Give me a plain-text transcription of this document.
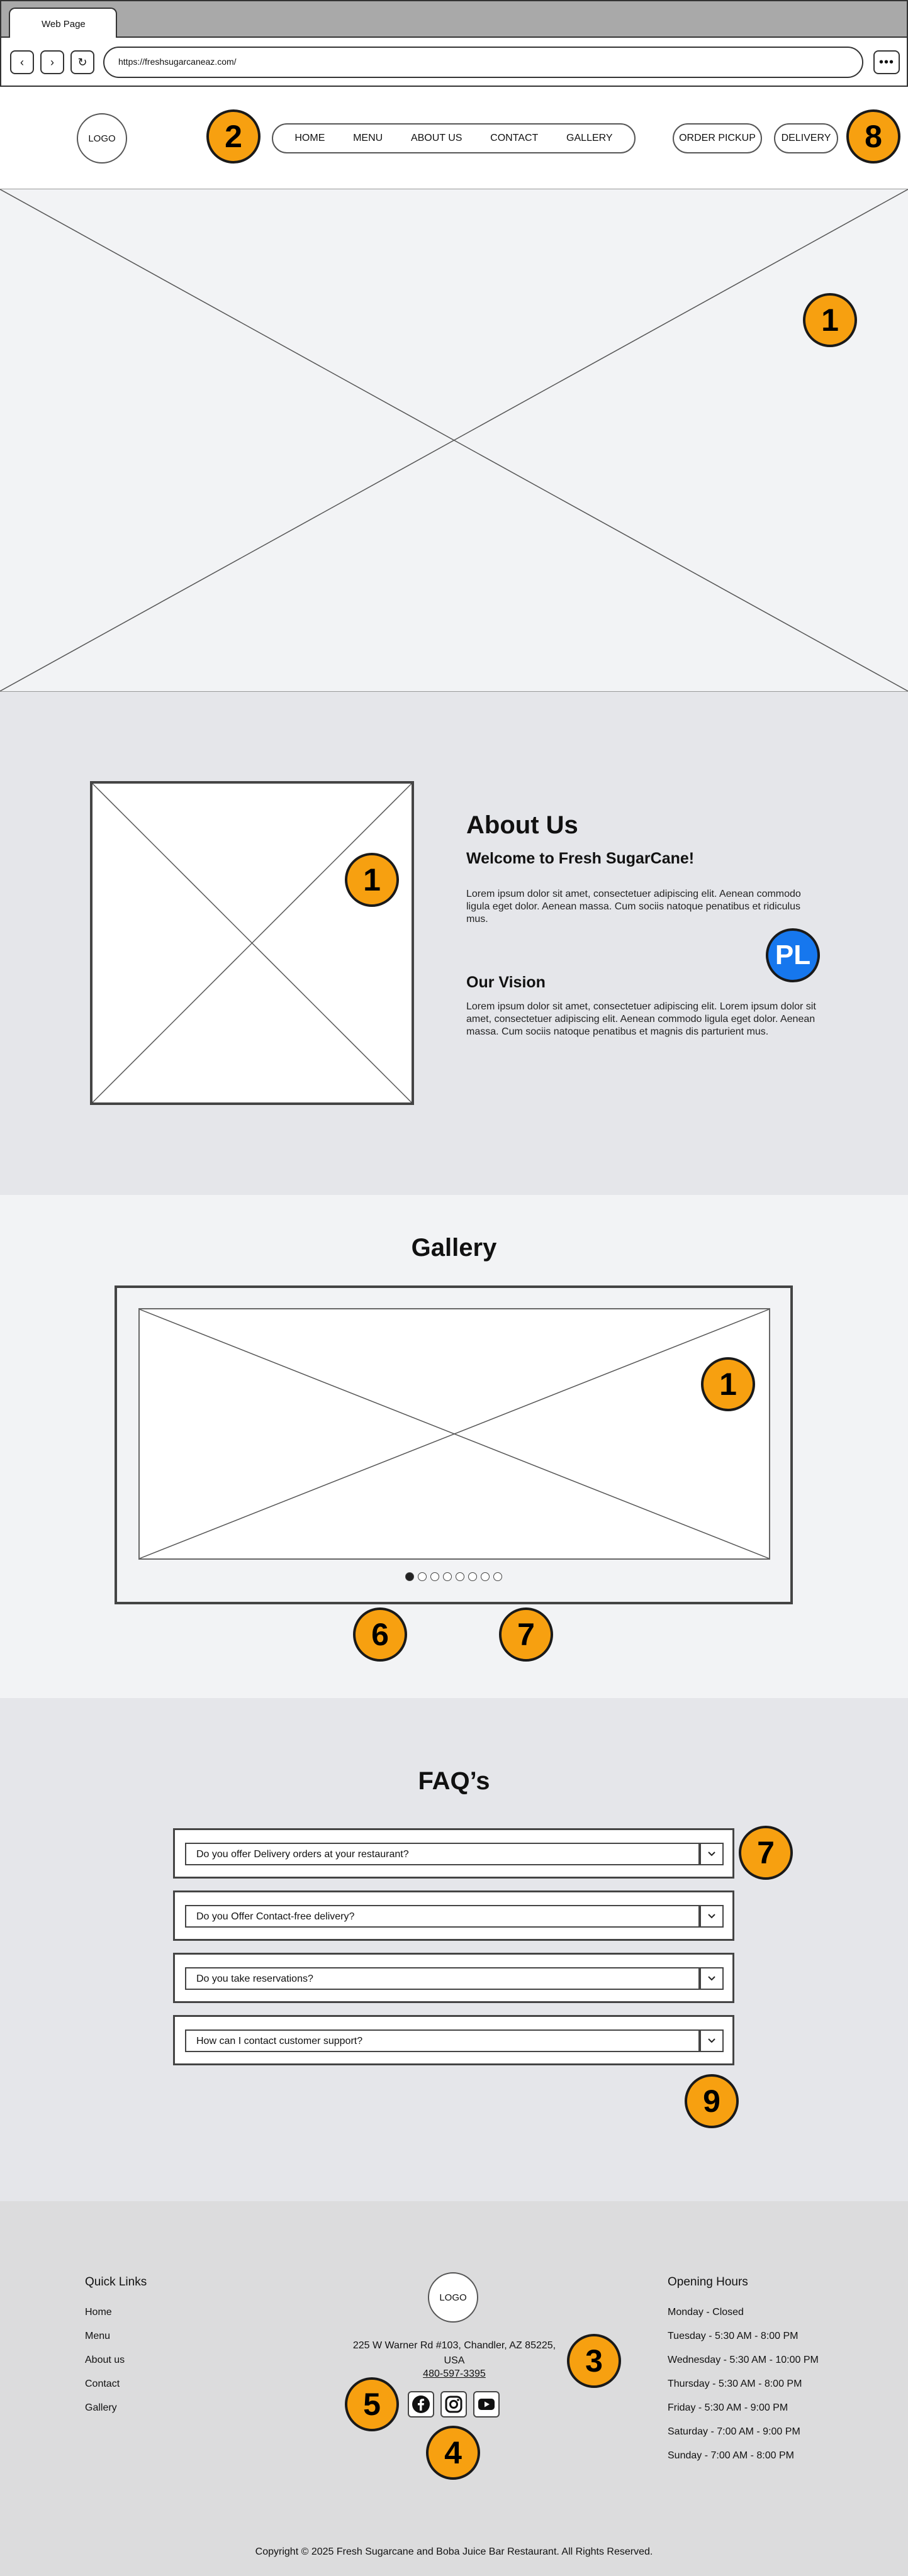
Web Page
‹ › ↻	https://freshsugarcaneaz.com/	•••
LOGO	2	HOME	MENU	ABOUT US	CONTACT	GALLERY	ORDER PICKUP	DELIVERY	8
1
1
About Us
Welcome to Fresh SugarCane!
Lorem ipsum dolor sit amet, consectetuer adipiscing elit. Aenean commodo ligula eget dolor. Aenean massa. Cum sociis natoque penatibus et ridiculus mus.
Our Vision
Lorem ipsum dolor sit amet, consectetuer adipiscing elit. Lorem ipsum dolor sit amet, consectetuer adipiscing elit. Aenean commodo ligula eget dolor. Aenean massa. Cum sociis natoque penatibus et magnis dis parturient mus.
PL
Gallery
1
6	7
FAQ’s
Do you offer Delivery orders at your restaurant?
Do you Offer Contact-free delivery?
Do you take reservations?
How can I contact customer support?
7
9
Quick Links
Home
Menu
About us
Contact
Gallery
LOGO
225 W Warner Rd #103, Chandler, AZ 85225, USA
480-597-3395
Opening Hours
Monday - Closed
Tuesday - 5:30 AM - 8:00 PM
Wednesday - 5:30 AM - 10:00 PM
Thursday - 5:30 AM - 8:00 PM
Friday - 5:30 AM - 9:00 PM
Saturday - 7:00 AM - 9:00 PM
Sunday - 7:00 AM - 8:00 PM
3
5
4
Copyright © 2025 Fresh Sugarcane and Boba Juice Bar Restaurant. All Rights Reserved.
